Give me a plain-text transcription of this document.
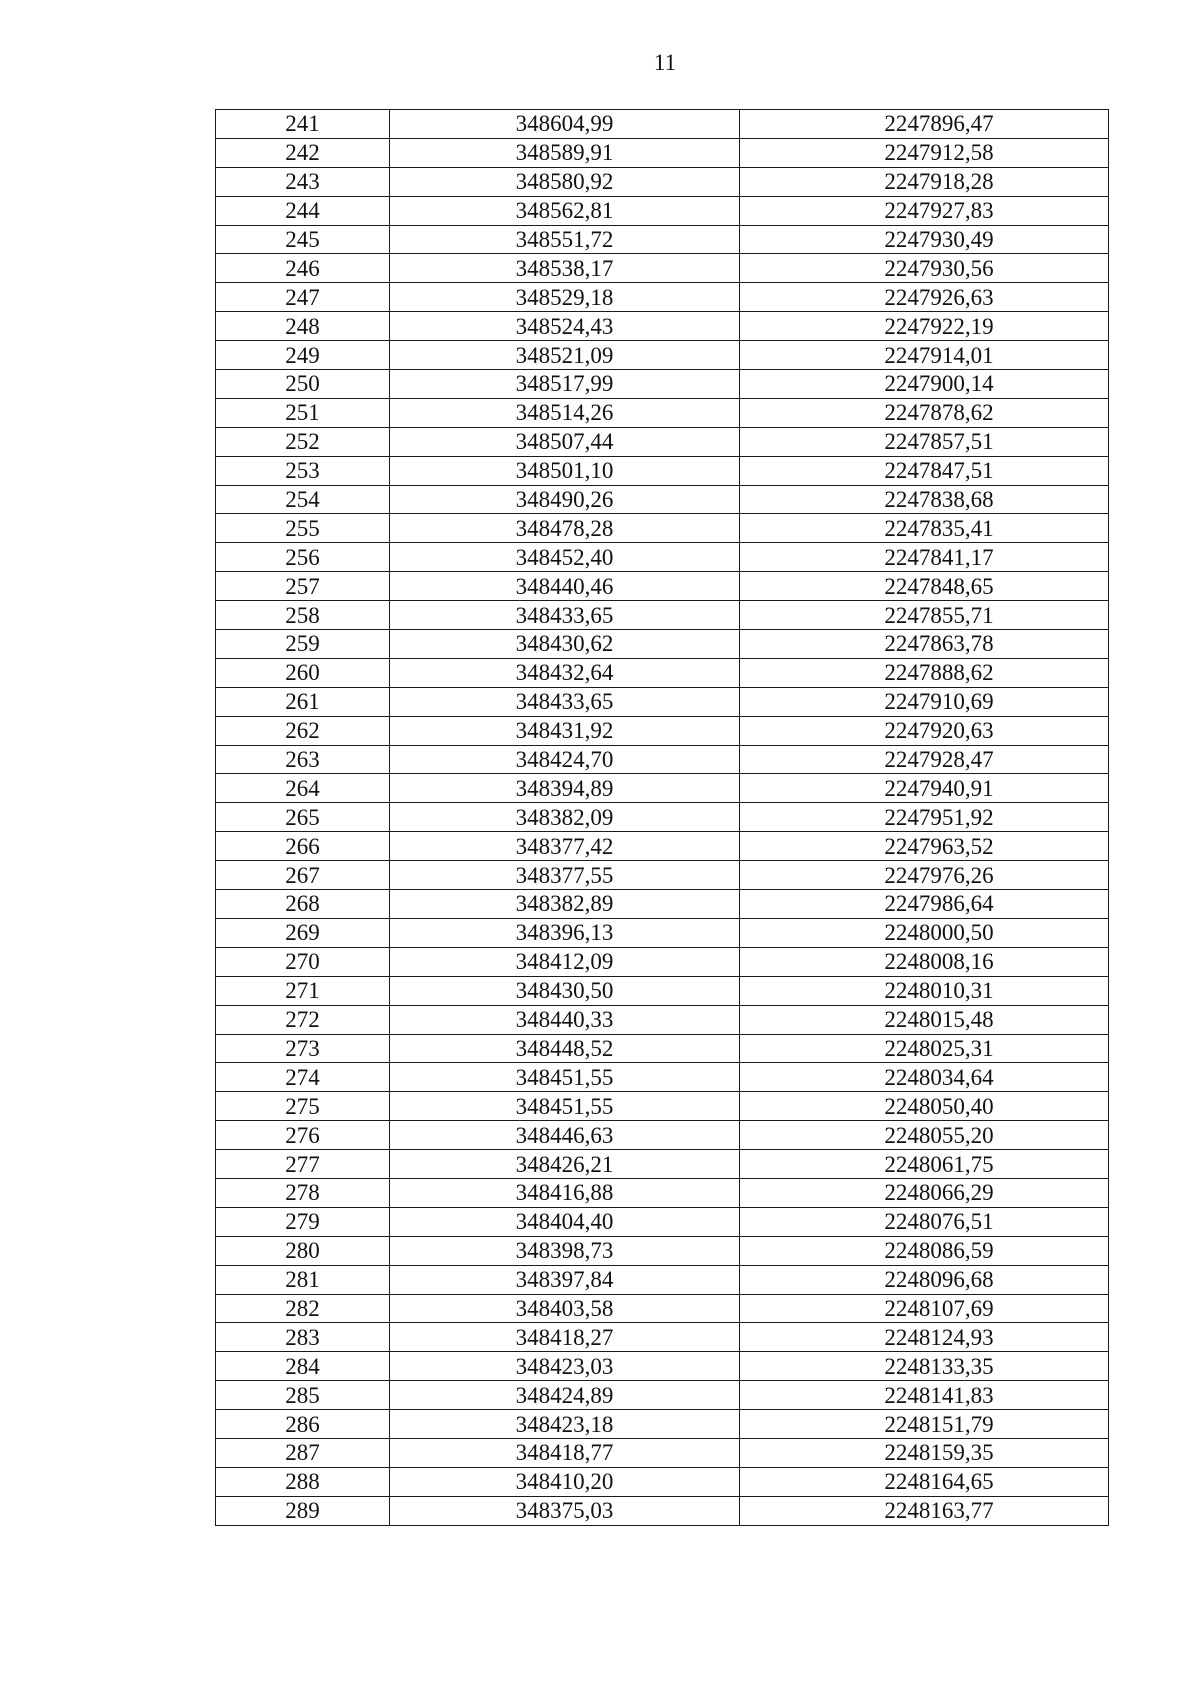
11
241	348604,99	2247896,47
242	348589,91	2247912,58
243	348580,92	2247918,28
244	348562,81	2247927,83
245	348551,72	2247930,49
246	348538,17	2247930,56
247	348529,18	2247926,63
248	348524,43	2247922,19
249	348521,09	2247914,01
250	348517,99	2247900,14
251	348514,26	2247878,62
252	348507,44	2247857,51
253	348501,10	2247847,51
254	348490,26	2247838,68
255	348478,28	2247835,41
256	348452,40	2247841,17
257	348440,46	2247848,65
258	348433,65	2247855,71
259	348430,62	2247863,78
260	348432,64	2247888,62
261	348433,65	2247910,69
262	348431,92	2247920,63
263	348424,70	2247928,47
264	348394,89	2247940,91
265	348382,09	2247951,92
266	348377,42	2247963,52
267	348377,55	2247976,26
268	348382,89	2247986,64
269	348396,13	2248000,50
270	348412,09	2248008,16
271	348430,50	2248010,31
272	348440,33	2248015,48
273	348448,52	2248025,31
274	348451,55	2248034,64
275	348451,55	2248050,40
276	348446,63	2248055,20
277	348426,21	2248061,75
278	348416,88	2248066,29
279	348404,40	2248076,51
280	348398,73	2248086,59
281	348397,84	2248096,68
282	348403,58	2248107,69
283	348418,27	2248124,93
284	348423,03	2248133,35
285	348424,89	2248141,83
286	348423,18	2248151,79
287	348418,77	2248159,35
288	348410,20	2248164,65
289	348375,03	2248163,77
